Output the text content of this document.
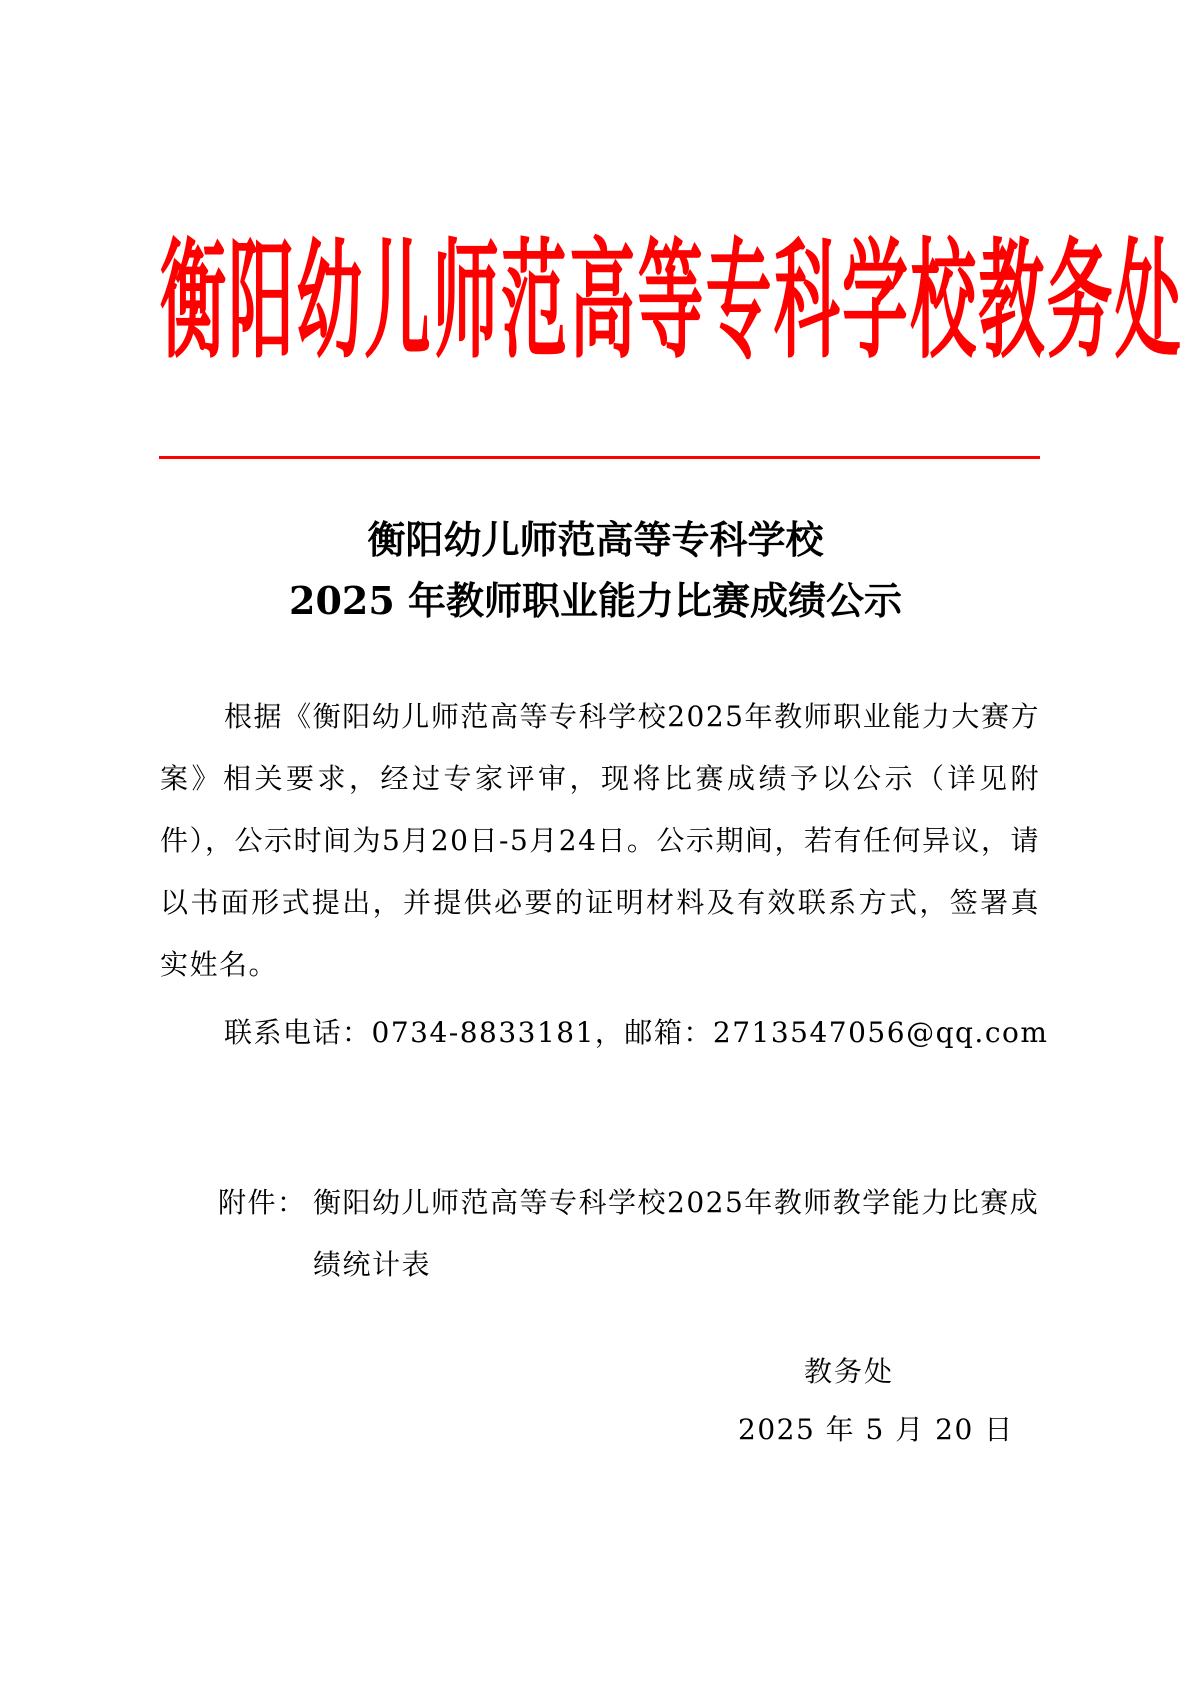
衡阳幼儿师范高等专科学校教务处
衡阳幼儿师范高等专科学校
2025 年教师职业能力比赛成绩公示

根据《衡阳幼儿师范高等专科学校2025年教师职业能力大赛方案》相关要求，经过专家评审，现将比赛成绩予以公示（详见附件），公示时间为5月20日-5月24日。公示期间，若有任何异议，请以书面形式提出，并提供必要的证明材料及有效联系方式，签署真实姓名。

联系电话：0734-8833181，邮箱：2713547056@qq.com
附件： 衡阳幼儿师范高等专科学校2025年教师教学能力比赛成绩统计表

教务处
2025 年 5 月 20 日
